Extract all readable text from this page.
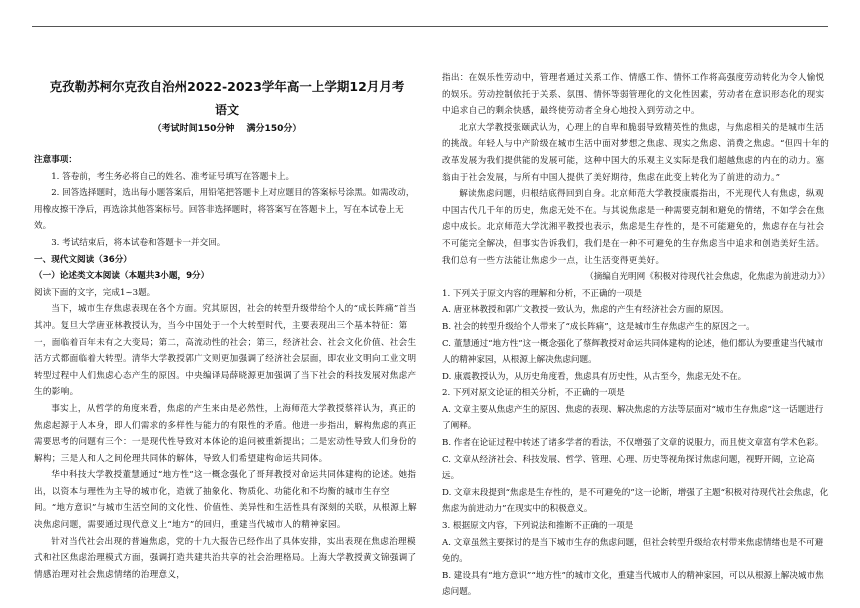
克孜勒苏柯尔克孜自治州2022-2023学年高一上学期12月月考
语文
（考试时间150分钟　 满分150分）

注意事项：

1. 答卷前，考生务必将自己的姓名、准考证号填写在答题卡上。

2. 回答选择题时，选出每小题答案后，用铅笔把答题卡上对应题目的答案标号涂黑。如需改动，用橡皮擦干净后，再选涂其他答案标号。回答非选择题时，将答案写在答题卡上，写在本试卷上无效。

3. 考试结束后，将本试卷和答题卡一并交回。

一、现代文阅读（36分）

（一）论述类文本阅读（本题共3小题，9分）

阅读下面的文字，完成1~3题。

当下，城市生存焦虑表现在各个方面。究其原因，社会的转型升级带给个人的“成长阵痛”首当其冲。复旦大学唐亚林教授认为，当今中国处于一个大转型时代，主要表现出三个基本特征：第一，面临着百年未有之大变局；第二，高流动性的社会；第三，经济社会、社会文化价值、社会生活方式都面临着大转型。清华大学教授郭广文则更加强调了经济社会层面，即农业文明向工业文明转型过程中人们焦虑心态产生的原因。中央编译局薛晓源更加强调了当下社会的科技发展对焦虑产生的影响。

事实上，从哲学的角度来看，焦虑的产生来由是必然性，上海师范大学教授蔡祥认为，真正的焦虑起源于人本身，即人们需求的多样性与能力的有限性的矛盾。他进一步指出，解构焦虑的真正需要思考的问题有三个：一是现代性导致对本体论的追问被重新提出；二是宏动性导致人们身份的解构；三是人和人之间伦理共同体的解体，导致人们希望建构命运共同体。

华中科技大学教授董慧通过“地方性”这一概念强化了哥拜教授对命运共同体建构的论述。她指出，以资本与理性为主导的城市化，造就了抽象化、物质化、功能化和不均衡的城市生存空间。“地方意识”与城市生活空间的文化性、价值性、美异性和生活性具有深刻的关联，从根源上解决焦虑问题，需要通过现代意义上“地方”的回归，重建当代城市人的精神家园。

针对当代社会出现的普遍焦虑，党的十九大报告已经作出了具体安排，实出表现在焦虑治理模式和社区焦虑治理模式方面，强调打造共建共治共享的社会治理格局。上海大学教授黄文锦强调了情感治理对社会焦虑情绪的治理意义，

指出：在娱乐性劳动中，管理者通过关系工作、情感工作、情怀工作将高强度劳动转化为令人愉悦的娱乐。劳动控制依托于关系、氛围、情怀等弱管理化的文化性因素，劳动者在意识形态化的现实中追求自己的剩余快感，最终使劳动者全身心地投入到劳动之中。

北京大学教授张颐武认为，心理上的自卑和脆弱导致精英性的焦虑，与焦虑相关的是城市生活的挑战。年轻人与中产阶级在城市生活中面对梦想之焦虑、现实之焦虑、消费之焦虑。“但四十年的改革发展为我们提供能的发展可能，这种中国大的乐观主义实际是我们超越焦虑的内在的动力。塞翁由于社会发展，与所有中国人提供了美好期待，焦虑在此变上转化为了前进的动力。”

解读焦虑问题，归根结底得回到自身。北京师范大学教授康震指出，不光现代人有焦虑，纵观中国古代几千年的历史，焦虑无处不在。与其说焦虑是一种需要克制和避免的情绪，不如学会在焦虑中成长。北京师范大学沈湘平教授也表示，焦虑是生存性的，是不可能避免的，焦虑存在与社会不可能完全解决，但事实告诉我们，我们是在一种不可避免的生存焦虑当中追求和创造美好生活。我们总有一些方法能让焦虑少一点，让生活变得更美好。

（摘编自光明网《积极对待现代社会焦虑，化焦虑为前进动力》）

1. 下列关于原文内容的理解和分析，不正确的一项是

A. 唐亚林教授和郭广文教授一致认为，焦虑的产生有经济社会方面的原因。

B. 社会的转型升级给个人带来了“成长阵痛”，这是城市生存焦虑产生的原因之一。

C. 董慧通过“地方性”这一概念强化了蔡辉教授对命运共同体建构的论述，他们都认为要重建当代城市人的精神家园，从根源上解决焦虑问题。

D. 康震教授认为，从历史角度看，焦虑具有历史性，从古至今，焦虑无处不在。

2. 下列对原文论证的相关分析，不正确的一项是

A. 文章主要从焦虑产生的原因、焦虑的表现、解决焦虑的方法等层面对“城市生存焦虑”这一话题进行了阐释。

B. 作者在论证过程中转述了诸多学者的看法，不仅增强了文章的说服力，而且使文章富有学术色彩。

C. 文章从经济社会、科技发展、哲学、管理、心理、历史等视角探讨焦虑问题，视野开阔，立论高远。

D. 文章末段提到“焦虑是生存性的，是不可避免的”这一论断，增强了主题“积极对待现代社会焦虑，化焦虑为前进动力”在现实中的积极意义。

3. 根据原文内容，下列说法和推断不正确的一项是

A. 文章虽然主要探讨的是当下城市生存的焦虑问题，但社会转型升级给农村带来焦虑情绪也是不可避免的。

B. 建设具有“地方意识”“地方性”的城市文化，重建当代城市人的精神家园，可以从根源上解决城市焦虑问题。
